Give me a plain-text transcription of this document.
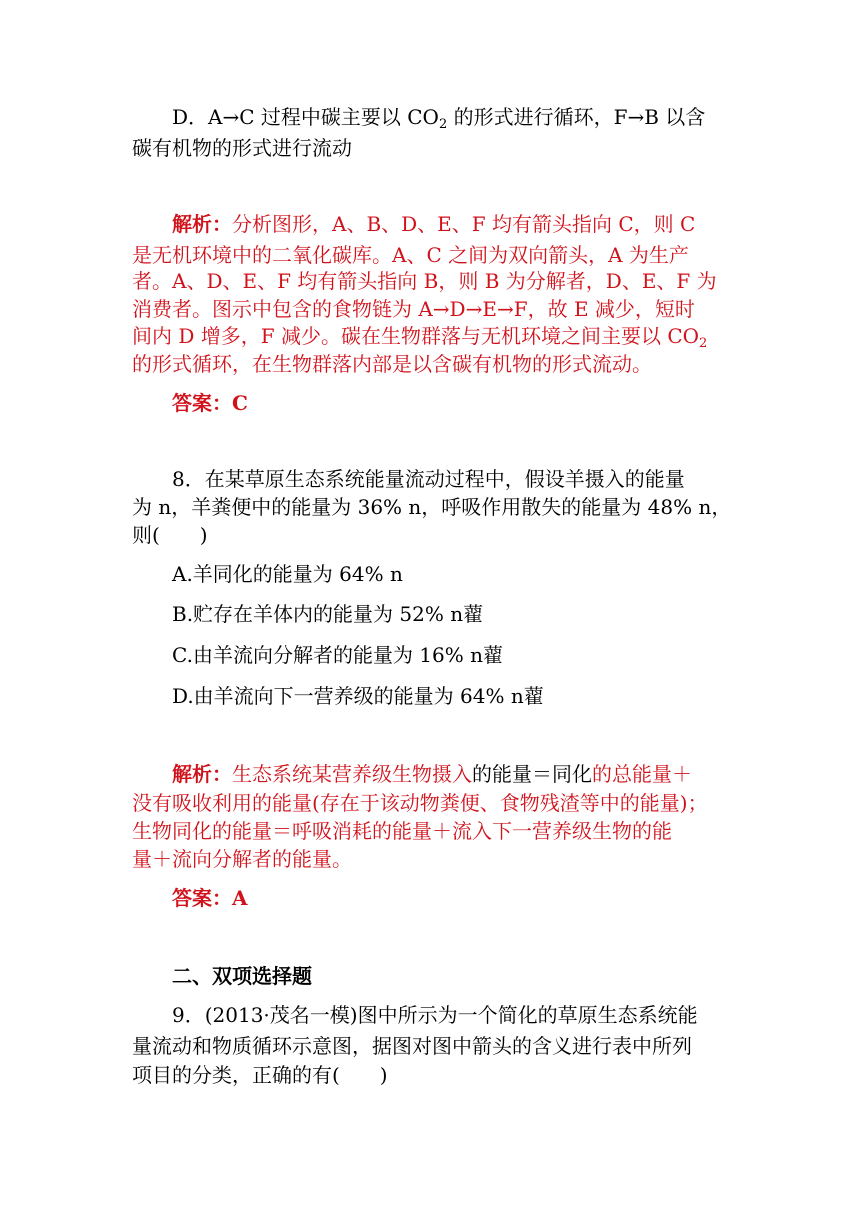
D．A→C 过程中碳主要以 $CO_2$ 的形式进行循环，F→B 以含
碳有机物的形式进行流动
解析：分析图形，A、B、D、E、F 均有箭头指向 C，则 C
是无机环境中的二氧化碳库。A、C 之间为双向箭头，A 为生产
者。A、D、E、F 均有箭头指向 B，则 B 为分解者，D、E、F 为
消费者。图示中包含的食物链为 A→D→E→F，故 E 减少，短时
间内 D 增多，F 减少。碳在生物群落与无机环境之间主要以 $CO_2$
的形式循环，在生物群落内部是以含碳有机物的形式流动。
答案：C
8．在某草原生态系统能量流动过程中，假设羊摄入的能量
为 n，羊粪便中的能量为 36% n，呼吸作用散失的能量为 48% n，
则(　　)
A.羊同化的能量为 64% n
B.贮存在羊体内的能量为 52% n藋
C.由羊流向分解者的能量为 16% n藋
D.由羊流向下一营养级的能量为 64% n藋
解析：生态系统某营养级生物摄入的能量＝同化的总能量＋
没有吸收利用的能量(存在于该动物粪便、食物残渣等中的能量)；
生物同化的能量＝呼吸消耗的能量＋流入下一营养级生物的能
量＋流向分解者的能量。
答案：A
二、双项选择题
9．(2013·茂名一模)图中所示为一个简化的草原生态系统能
量流动和物质循环示意图，据图对图中箭头的含义进行表中所列
项目的分类，正确的有(　　)
